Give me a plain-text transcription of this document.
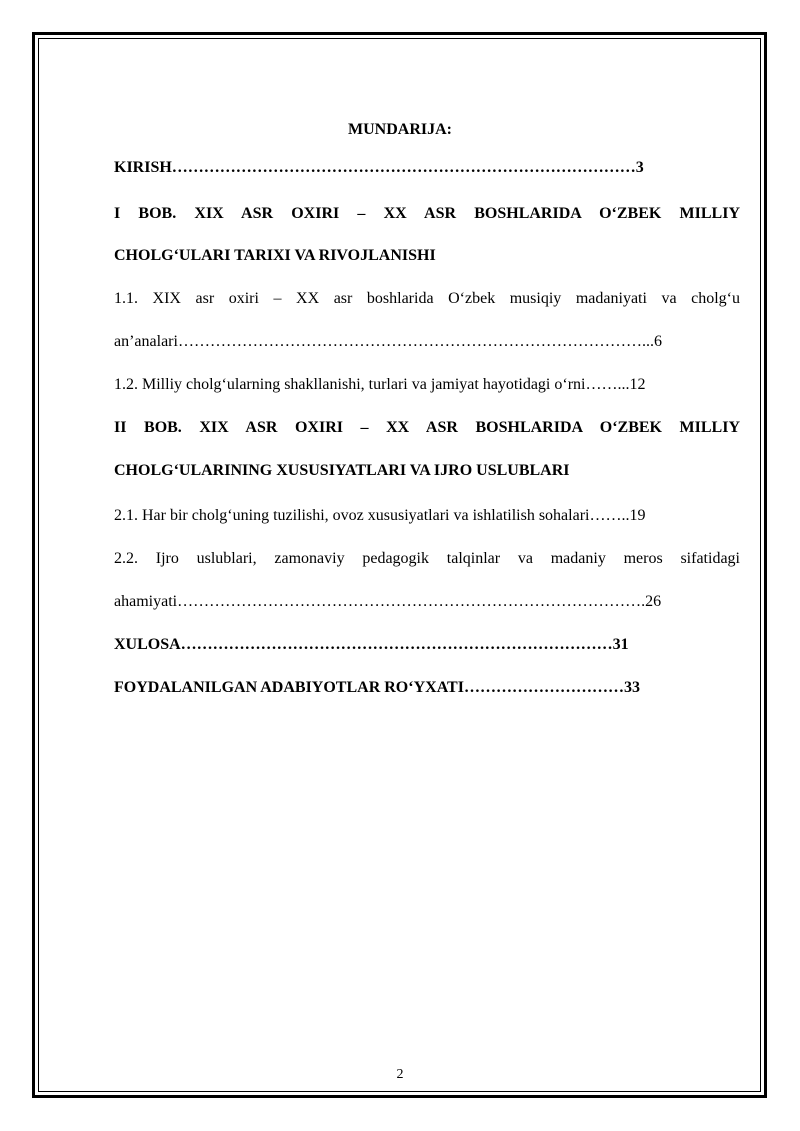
MUNDARIJA:
KIRISH……………………………………………………………………………3
I BOB. XIX ASR OXIRI – XX ASR BOSHLARIDA O‘ZBEK MILLIY
CHOLG‘ULARI TARIXI VA RIVOJLANISHI
1.1. XIX asr oxiri – XX asr boshlarida O‘zbek musiqiy madaniyati va cholg‘u
an’analari……………………………………………………………………………...6
1.2. Milliy cholg‘ularning shakllanishi, turlari va jamiyat hayotidagi o‘rni……...12
II BOB. XIX ASR OXIRI – XX ASR BOSHLARIDA O‘ZBEK MILLIY
CHOLG‘ULARINING XUSUSIYATLARI VA IJRO USLUBLARI
2.1. Har bir cholg‘uning tuzilishi, ovoz xususiyatlari va ishlatilish sohalari……..19
2.2. Ijro uslublari, zamonaviy pedagogik talqinlar va madaniy meros sifatidagi
ahamiyati…………………………………………………………………………….26
XULOSA………………………………………………………………………31
FOYDALANILGAN ADABIYOTLAR RO‘YXATI…………………………33
2
